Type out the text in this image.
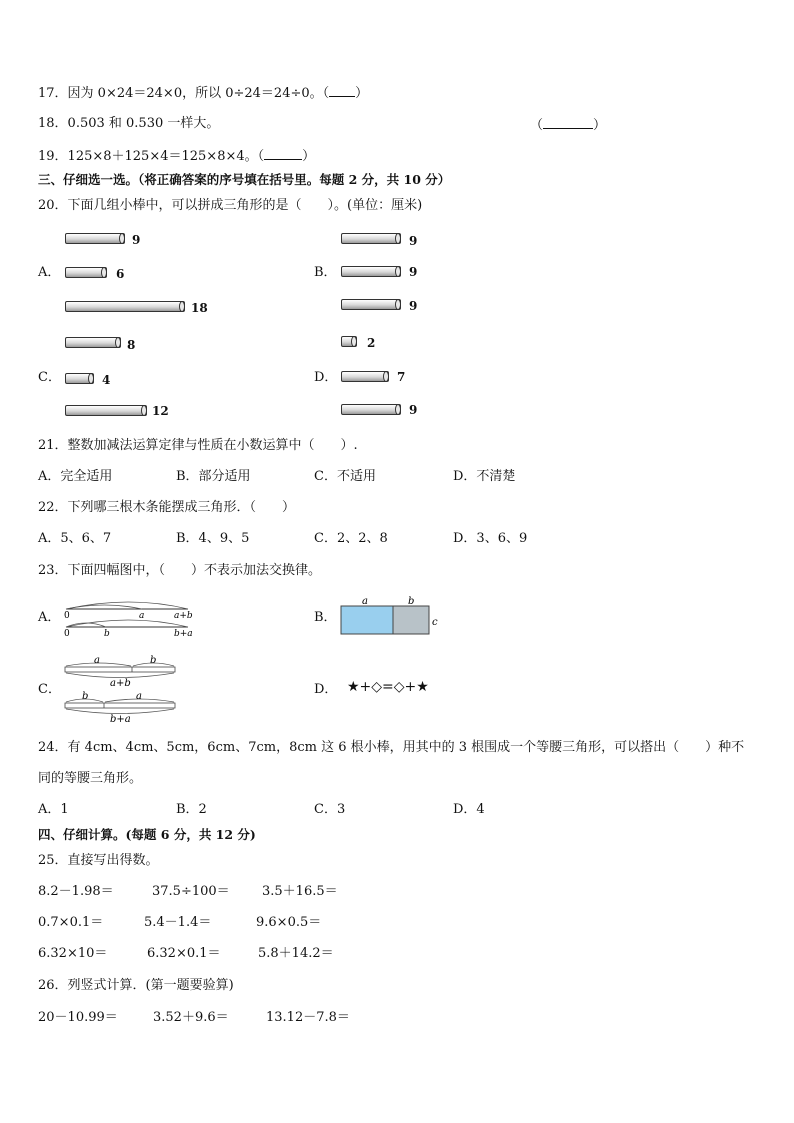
17．因为 0×24＝24×0，所以 0÷24＝24÷0。（ ）
18．0.503 和 0.530 一样大。	（	）
19．125×8＋125×4＝125×8×4。（	）
三、仔细选一选。（将正确答案的序号填在括号里。每题 2 分，共 10 分）
20．下面几组小棒中，可以拼成三角形的是（　　）。(单位：厘米)
A．
9
6
18
B．
9
9
9
C．
8
4
12
D．
2
7
9
21．整数加减法运算定律与性质在小数运算中（　　）.
A．完全适用	B．部分适用	C．不适用	D．不清楚
22．下列哪三根木条能摆成三角形．（　　）
A．5、6、7	B．4、9、5	C．2、2、8	D．3、6、9
23．下面四幅图中，（　　）不表示加法交换律。
A． 0	a	a+b
0	b	b+a
B．
a	b
c
C．
a	b
a+b
b	a
b+a
D． ★+◇=◇+★
24．有 4cm、4cm、5cm，6cm、7cm，8cm 这 6 根小棒，用其中的 3 根围成一个等腰三角形，可以搭出（　　）种不
同的等腰三角形。
A．1	B．2	C．3	D．4
四、仔细计算。(每题 6 分，共 12 分)
25．直接写出得数。
8.2－1.98＝	37.5÷100＝ 3.5＋16.5＝
0.7×0.1＝	5.4－1.4＝	9.6×0.5＝
6.32×10＝	6.32×0.1＝	5.8＋14.2＝
26．列竖式计算．(第一题要验算)
20－10.99＝	3.52＋9.6＝	13.12－7.8＝
